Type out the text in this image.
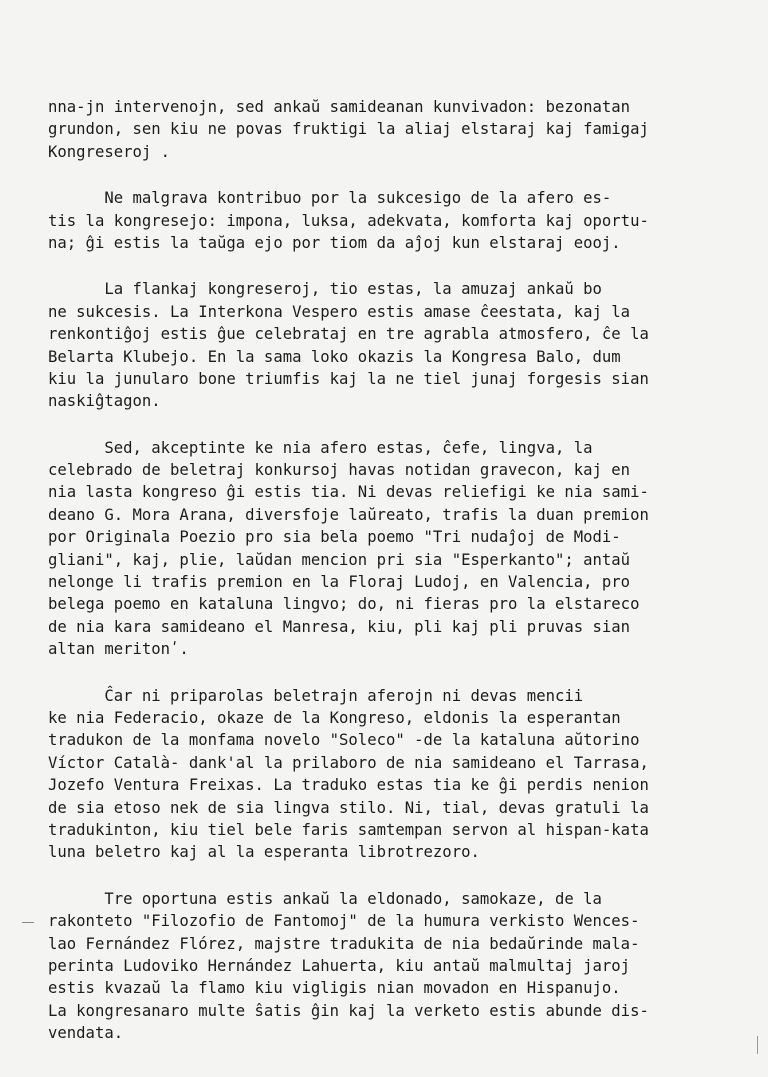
nna-jn intervenojn, sed ankaŭ samideanan kunvivadon: bezonatan
grundon, sen kiu ne povas fruktigi la aliaj elstaraj kaj famigaj
Kongreseroj .
Ne malgrava kontribuo por la sukcesigo de la afero es-
tis la kongresejo: impona, luksa, adekvata, komforta kaj oportu-
na; ĝi estis la taŭga ejo por tiom da aĵoj kun elstaraj eooj.
La flankaj kongreseroj, tio estas, la amuzaj ankaŭ bo
ne sukcesis. La Interkona Vespero estis amase ĉeestata, kaj la
renkontiĝoj estis ĝue celebrataj en tre agrabla atmosfero, ĉe la
Belarta Klubejo. En la sama loko okazis la Kongresa Balo, dum
kiu la junularo bone triumfis kaj la ne tiel junaj forgesis sian
naskiĝtagon.
Sed, akceptinte ke nia afero estas, ĉefe, lingva, la
celebrado de beletraj konkursoj havas notidan gravecon, kaj en
nia lasta kongreso ĝi estis tia. Ni devas reliefigi ke nia sami-
deano G. Mora Arana, diversfoje laŭreato, trafis la duan premion
por Originala Poezio pro sia bela poemo "Tri nudaĵoj de Modi-
gliani", kaj, plie, laŭdan mencion pri sia "Esperkanto"; antaŭ
nelonge li trafis premion en la Floraj Ludoj, en Valencia, pro
belega poemo en kataluna lingvo; do, ni fieras pro la elstareco
de nia kara samideano el Manresa, kiu, pli kaj pli pruvas sian
altan meritonʹ.
Ĉar ni priparolas beletrajn aferojn ni devas mencii
ke nia Federacio, okaze de la Kongreso, eldonis la esperantan
tradukon de la monfama novelo "Soleco" -de la kataluna aŭtorino
Víctor Català- dank'al la prilaboro de nia samideano el Tarrasa,
Jozefo Ventura Freixas. La traduko estas tia ke ĝi perdis nenion
de sia etoso nek de sia lingva stilo. Ni, tial, devas gratuli la
tradukinton, kiu tiel bele faris samtempan servon al hispan-kata
luna beletro kaj al la esperanta librotrezoro.
Tre oportuna estis ankaŭ la eldonado, samokaze, de la
rakonteto "Filozofio de Fantomoj" de la humura verkisto Wences-
lao Fernández Flórez, majstre tradukita de nia bedaŭrinde mala-
perinta Ludoviko Hernández Lahuerta, kiu antaŭ malmultaj jaroj
estis kvazaŭ la flamo kiu vigligis nian movadon en Hispanujo.
La kongresanaro multe ŝatis ĝin kaj la verketo estis abunde dis-
vendata.
